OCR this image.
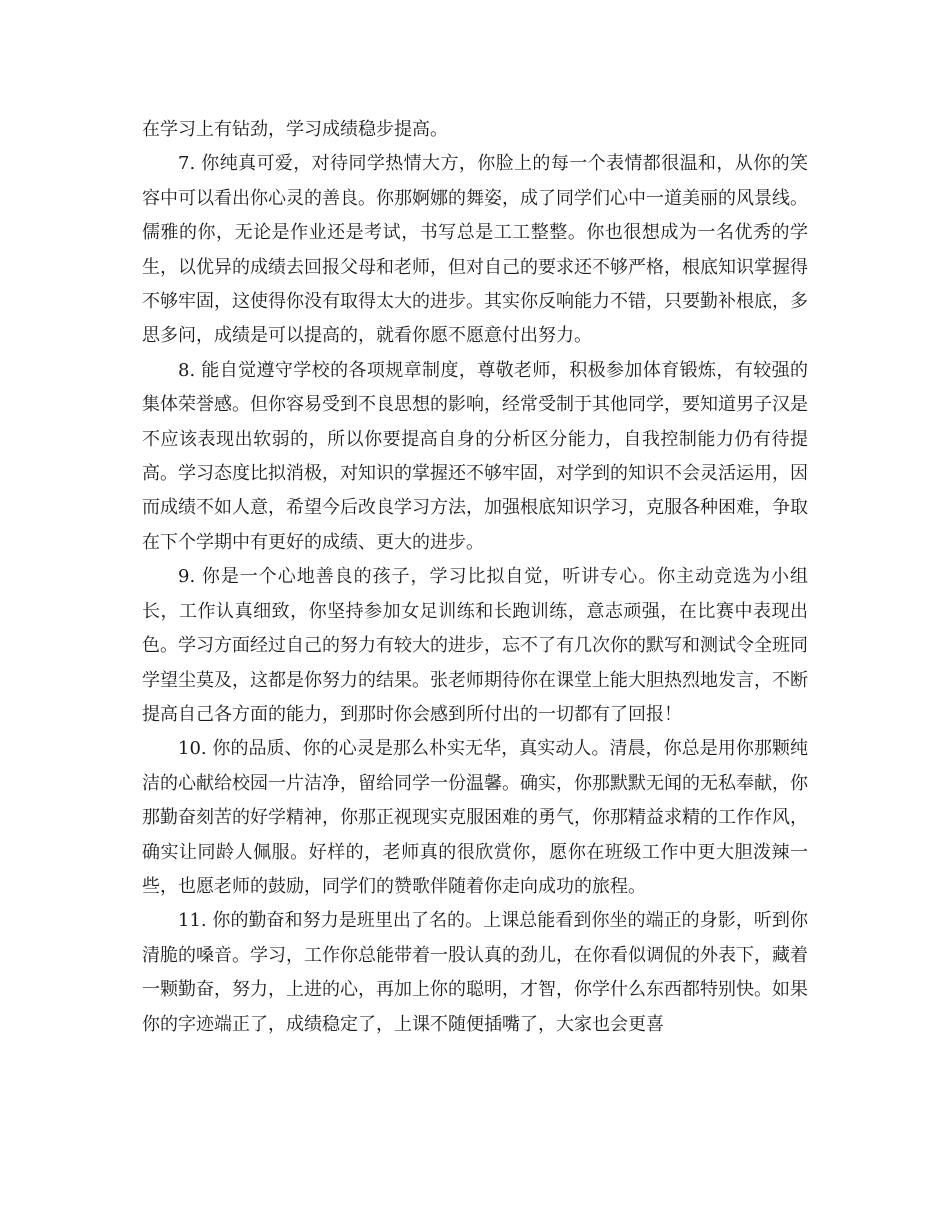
在学习上有钻劲，学习成绩稳步提高。

7. 你纯真可爱，对待同学热情大方，你脸上的每一个表情都很温和，从你的笑容中可以看出你心灵的善良。你那婀娜的舞姿，成了同学们心中一道美丽的风景线。儒雅的你，无论是作业还是考试，书写总是工工整整。你也很想成为一名优秀的学生，以优异的成绩去回报父母和老师，但对自己的要求还不够严格，根底知识掌握得不够牢固，这使得你没有取得太大的进步。其实你反响能力不错，只要勤补根底，多思多问，成绩是可以提高的，就看你愿不愿意付出努力。

8. 能自觉遵守学校的各项规章制度，尊敬老师，积极参加体育锻炼，有较强的集体荣誉感。但你容易受到不良思想的影响，经常受制于其他同学，要知道男子汉是不应该表现出软弱的，所以你要提高自身的分析区分能力，自我控制能力仍有待提高。学习态度比拟消极，对知识的掌握还不够牢固，对学到的知识不会灵活运用，因而成绩不如人意，希望今后改良学习方法，加强根底知识学习，克服各种困难，争取在下个学期中有更好的成绩、更大的进步。

9. 你是一个心地善良的孩子，学习比拟自觉，听讲专心。你主动竞选为小组长，工作认真细致，你坚持参加女足训练和长跑训练，意志顽强，在比赛中表现出色。学习方面经过自己的努力有较大的进步，忘不了有几次你的默写和测试令全班同学望尘莫及，这都是你努力的结果。张老师期待你在课堂上能大胆热烈地发言，不断提高自己各方面的能力，到那时你会感到所付出的一切都有了回报！

10. 你的品质、你的心灵是那么朴实无华，真实动人。清晨，你总是用你那颗纯洁的心献给校园一片洁净，留给同学一份温馨。确实，你那默默无闻的无私奉献，你那勤奋刻苦的好学精神，你那正视现实克服困难的勇气，你那精益求精的工作作风，确实让同龄人佩服。好样的，老师真的很欣赏你，愿你在班级工作中更大胆泼辣一些，也愿老师的鼓励，同学们的赞歌伴随着你走向成功的旅程。

11. 你的勤奋和努力是班里出了名的。上课总能看到你坐的端正的身影，听到你清脆的嗓音。学习，工作你总能带着一股认真的劲儿，在你看似调侃的外表下，藏着一颗勤奋，努力，上进的心，再加上你的聪明，才智，你学什么东西都特别快。如果你的字迹端正了，成绩稳定了，上课不随便插嘴了，大家也会更喜
